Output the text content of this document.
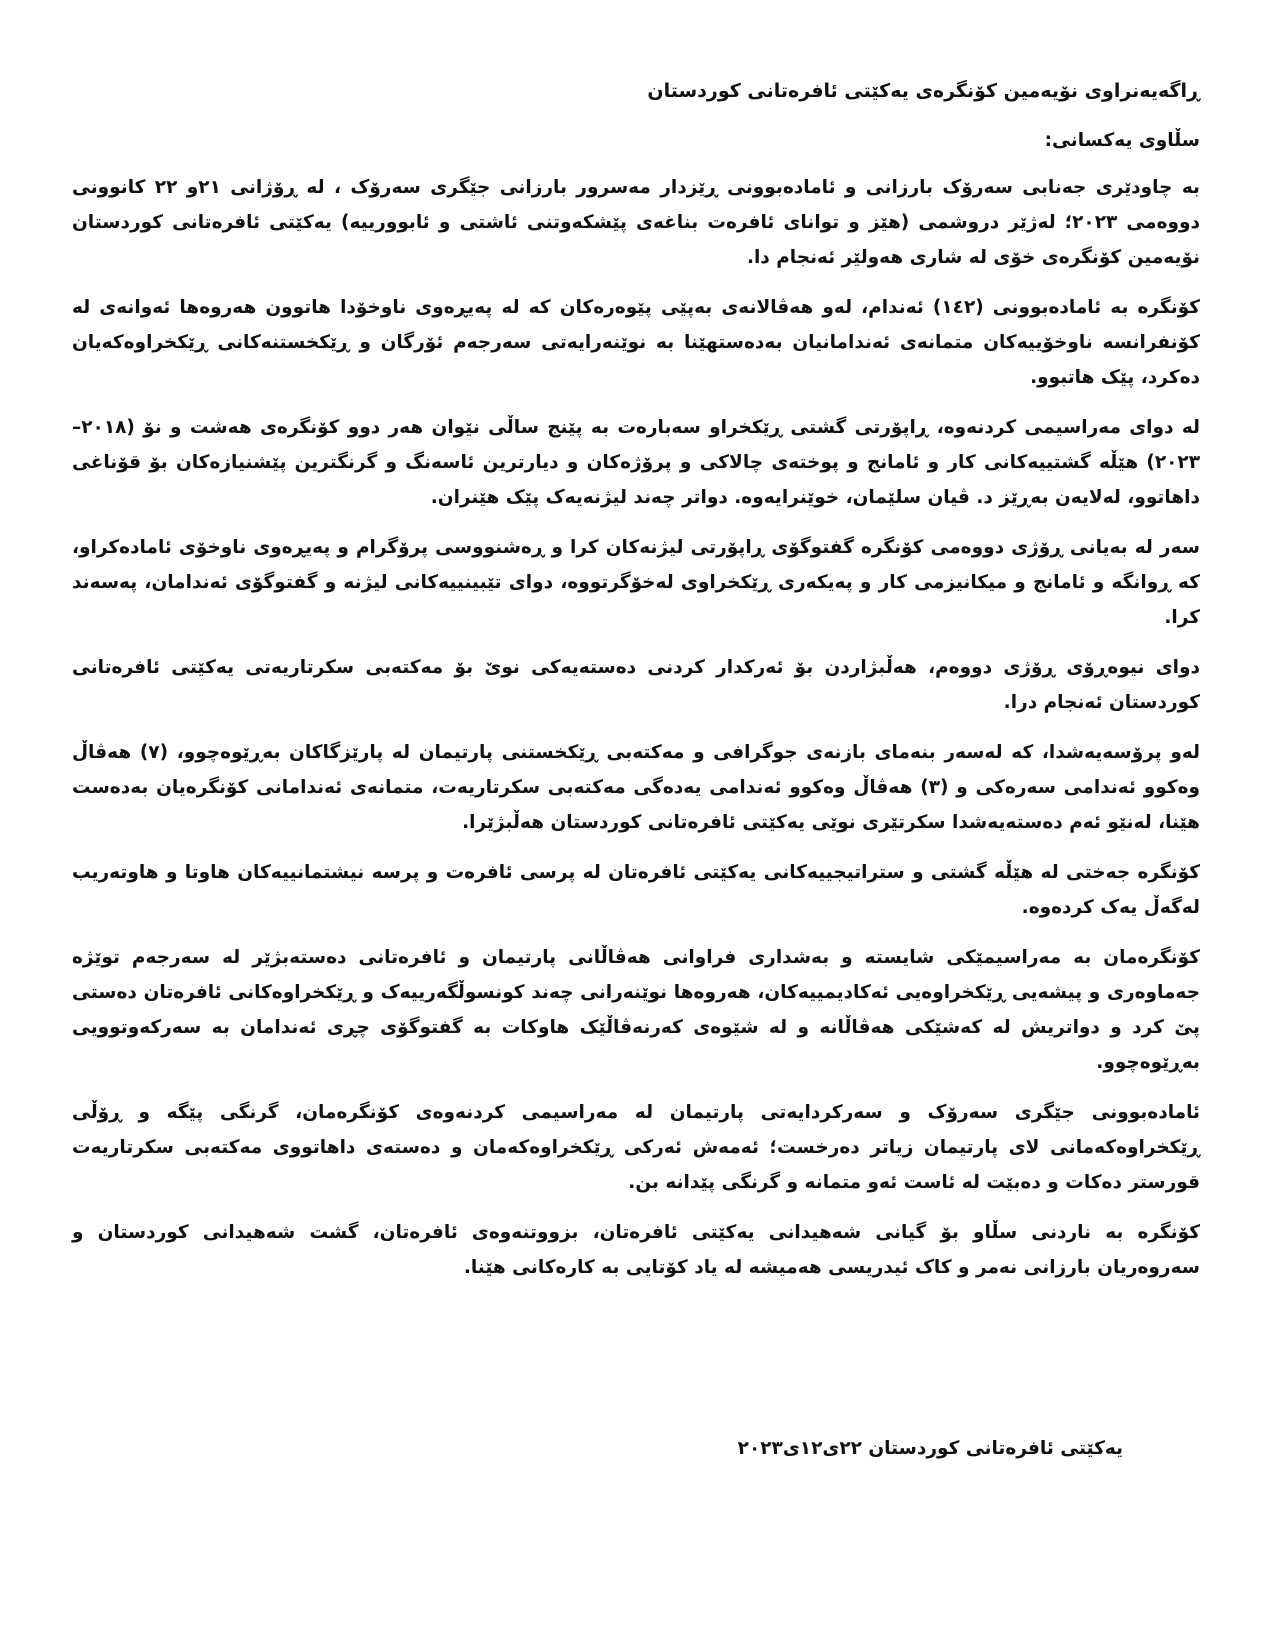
ڕاگەیەنراوی نۆیەمین کۆنگرەی یەکێتی ئافرەتانی کوردستان
سڵاوی یەکسانی:

بە چاودێری جەنابی سەرۆک بارزانی و ئامادەبوونی ڕێزدار مەسرور بارزانی جێگری سەرۆک ، لە ڕۆژانی ٢١و ٢٢ کانوونی دووەمی ٢٠٢٣؛ لەژێر دروشمی (هێز و توانای ئافرەت بناغەی پێشکەوتنی ئاشتی و ئابوورییە) یەکێتی ئافرەتانی کوردستان نۆیەمین کۆنگرەی خۆی لە شاری هەولێر ئەنجام دا.

کۆنگرە بە ئامادەبوونی (١٤٢) ئەندام، لەو هەڤالانەی بەپێی پێوەرەکان کە لە پەیڕەوی ناوخۆدا هاتوون هەروەها ئەوانەی لە کۆنفرانسە ناوخۆییەکان متمانەی ئەندامانیان بەدەستهێنا بە نوێنەرایەتی سەرجەم ئۆرگان و ڕێکخستنەکانی ڕێکخراوەکەیان دەکرد، پێک هاتبوو.

لە دوای مەراسیمی کردنەوە، ڕاپۆرتی گشتی ڕێکخراو سەبارەت بە پێنج ساڵی نێوان هەر دوو کۆنگرەی هەشت و نۆ (٢٠١٨–٢٠٢٣) هێڵە گشتییەکانی کار و ئامانج و پوختەی چالاکی و پرۆژەکان و دیارترین ئاسەنگ و گرنگترین پێشنیازەکان بۆ قۆناغی داهاتوو، لەلایەن بەڕێز د. ڤیان سلێمان، خوێنرایەوە. دواتر چەند لیژنەیەک پێک هێنران.

سەر لە بەیانی ڕۆژی دووەمی کۆنگرە گفتوگۆی ڕاپۆرتی لیژنەکان کرا و ڕەشنووسی پرۆگرام و پەیڕەوی ناوخۆی ئامادەکراو، کە ڕوانگە و ئامانج و میکانیزمی کار و پەیکەری ڕێکخراوی لەخۆگرتووە، دوای تێبینییەکانی لیژنە و گفتوگۆی ئەندامان، پەسەند کرا.

دوای نیوەڕۆی ڕۆژی دووەم، هەڵبژاردن بۆ ئەرکدار کردنی دەستەیەکی نوێ بۆ مەکتەبی سکرتاریەتی یەکێتی ئافرەتانی کوردستان ئەنجام درا.

لەو پرۆسەیەشدا، کە لەسەر بنەمای بازنەی جوگرافی و مەکتەبی ڕێکخستنی پارتیمان لە پارێزگاکان بەڕێوەچوو، (٧) هەڤاڵ وەکوو ئەندامی سەرەکی و (٣) هەڤاڵ وەکوو ئەندامی یەدەگی مەکتەبی سکرتاریەت، متمانەی ئەندامانی کۆنگرەیان بەدەست هێنا، لەنێو ئەم دەستەیەشدا سکرتێری نوێی یەکێتی ئافرەتانی کوردستان هەڵبژێرا.

کۆنگرە جەختی لە هێڵە گشتی و ستراتیجییەکانی یەکێتی ئافرەتان لە پرسی ئافرەت و پرسە نیشتمانییەکان هاوتا و هاوتەریب لەگەڵ یەک کردەوە.

کۆنگرەمان بە مەراسیمێکی شایستە و بەشداری فراوانی هەڤاڵانی پارتیمان و ئافرەتانی دەستەبژێر لە سەرجەم توێژە جەماوەری و پیشەیی ڕێکخراوەیی ئەکادیمییەکان، هەروەها نوێنەرانی چەند کونسوڵگەرییەک و ڕێکخراوەکانی ئافرەتان دەستی پێ کرد و دواتریش لە کەشێکی هەڤاڵانە و لە شێوەی کەرنەڤاڵێک هاوکات بە گفتوگۆی چڕی ئەندامان بە سەرکەوتوویی بەڕێوەچوو.

ئامادەبوونی جێگری سەرۆک و سەرکردایەتی پارتیمان لە مەراسیمی کردنەوەی کۆنگرەمان، گرنگی پێگە و ڕۆڵی ڕێکخراوەکەمانی لای پارتیمان زیاتر دەرخست؛ ئەمەش ئەرکی ڕێکخراوەکەمان و دەستەی داهاتووی مەکتەبی سکرتاریەت قورستر دەکات و دەبێت لە ئاست ئەو متمانە و گرنگی پێدانە بن.

کۆنگرە بە ناردنی سڵاو بۆ گیانی شەهیدانی یەکێتی ئافرەتان، بزووتنەوەی ئافرەتان، گشت شەهیدانی کوردستان و سەروەریان بارزانی نەمر و کاک ئیدریسی هەمیشە لە یاد کۆتایی بە کارەکانی هێنا.

یەکێتی ئافرەتانی کوردستان ٢٢ی١٢ی٢٠٢٣
